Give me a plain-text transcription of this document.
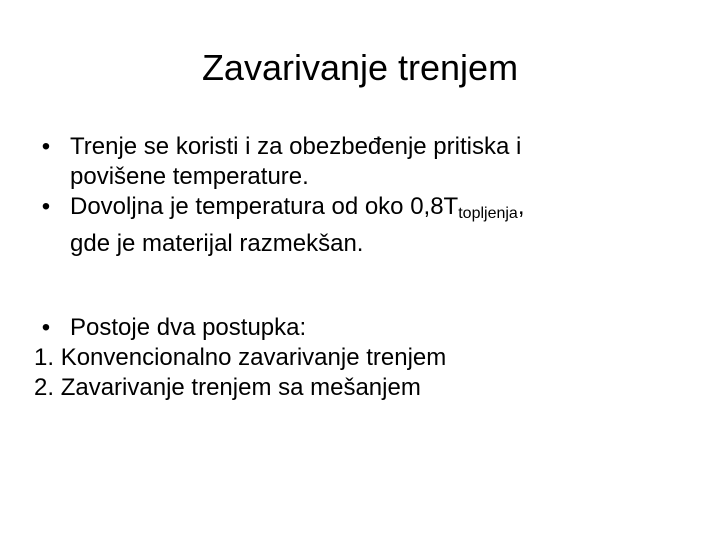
Zavarivanje trenjem

• Trenje se koristi i za obezbeđenje pritiska i
povišene temperature.

• Dovoljna je temperatura od oko $0,8T_{topljenja}$,
gde je materijal razmekšan.

• Postoje dva postupka:

1. Konvencionalno zavarivanje trenjem

2. Zavarivanje trenjem sa mešanjem
